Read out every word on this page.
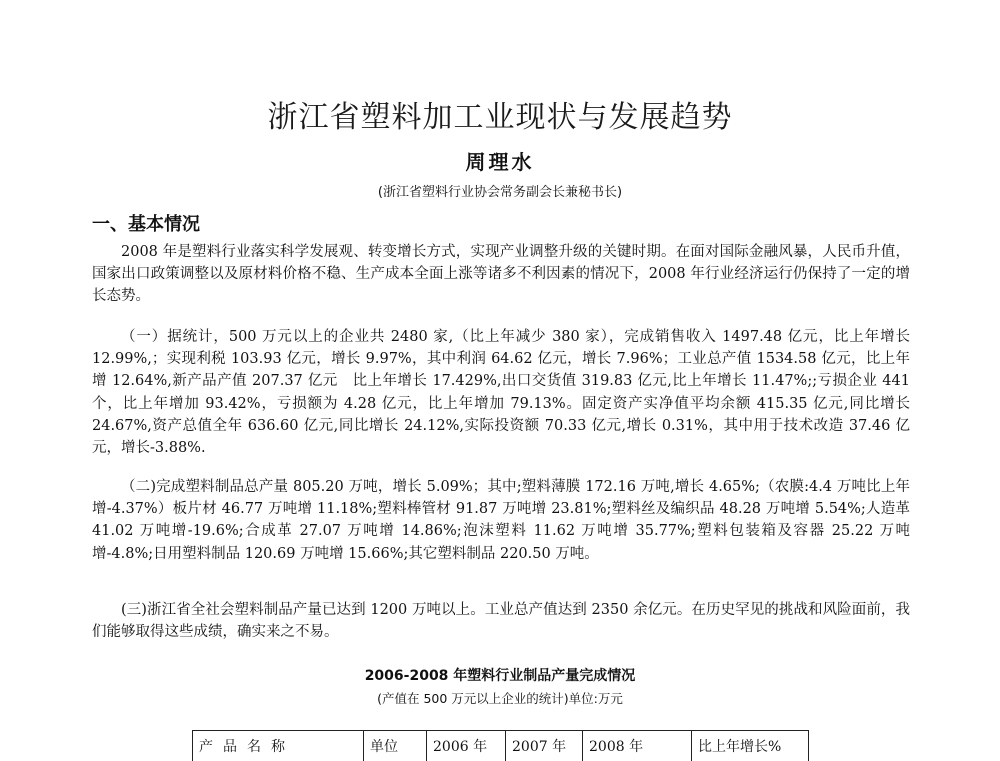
浙江省塑料加工业现状与发展趋势
周理水
(浙江省塑料行业协会常务副会长兼秘书长)
一、基本情况
2008 年是塑料行业落实科学发展观、转变增长方式，实现产业调整升级的关键时期。在面对国际金融风暴，人民币升值，国家出口政策调整以及原材料价格不稳、生产成本全面上涨等诸多不利因素的情况下，2008 年行业经济运行仍保持了一定的增长态势。
（一）据统计，500 万元以上的企业共 2480 家,（比上年减少 380 家），完成销售收入 1497.48 亿元，比上年增长 12.99%,；实现利税 103.93 亿元，增长 9.97%，其中利润 64.62 亿元，增长 7.96%；工业总产值 1534.58 亿元，比上年增 12.64%,新产品产值 207.37 亿元　比上年增长 17.429%,出口交货值 319.83 亿元,比上年增长 11.47%;;亏损企业 441 个，比上年增加 93.42%，亏损额为 4.28 亿元，比上年增加 79.13%。固定资产实净值平均余额 415.35 亿元,同比增长 24.67%,资产总值全年 636.60 亿元,同比增长 24.12%,实际投资额 70.33 亿元,增长 0.31%，其中用于技术改造 37.46 亿元，增长-3.88%.
（二)完成塑料制品总产量 805.20 万吨，增长 5.09%；其中;塑料薄膜 172.16 万吨,增长 4.65%;（农膜:4.4 万吨比上年增-4.37%）板片材 46.77 万吨增 11.18%;塑料棒管材 91.87 万吨增 23.81%;塑料丝及编织品 48.28 万吨增 5.54%;人造革 41.02 万吨增-19.6%;合成革 27.07 万吨增 14.86%;泡沫塑料 11.62 万吨增 35.77%;塑料包装箱及容器 25.22 万吨增-4.8%;日用塑料制品 120.69 万吨增 15.66%;其它塑料制品 220.50 万吨。
(三)浙江省全社会塑料制品产量已达到 1200 万吨以上。工业总产值达到 2350 余亿元。在历史罕见的挑战和风险面前，我们能够取得这些成绩，确实来之不易。
2006-2008 年塑料行业制品产量完成情况
(产值在 500 万元以上企业的统计)单位:万元
产品名称	单位	2006 年	2007 年	2008 年	比上年增长%
